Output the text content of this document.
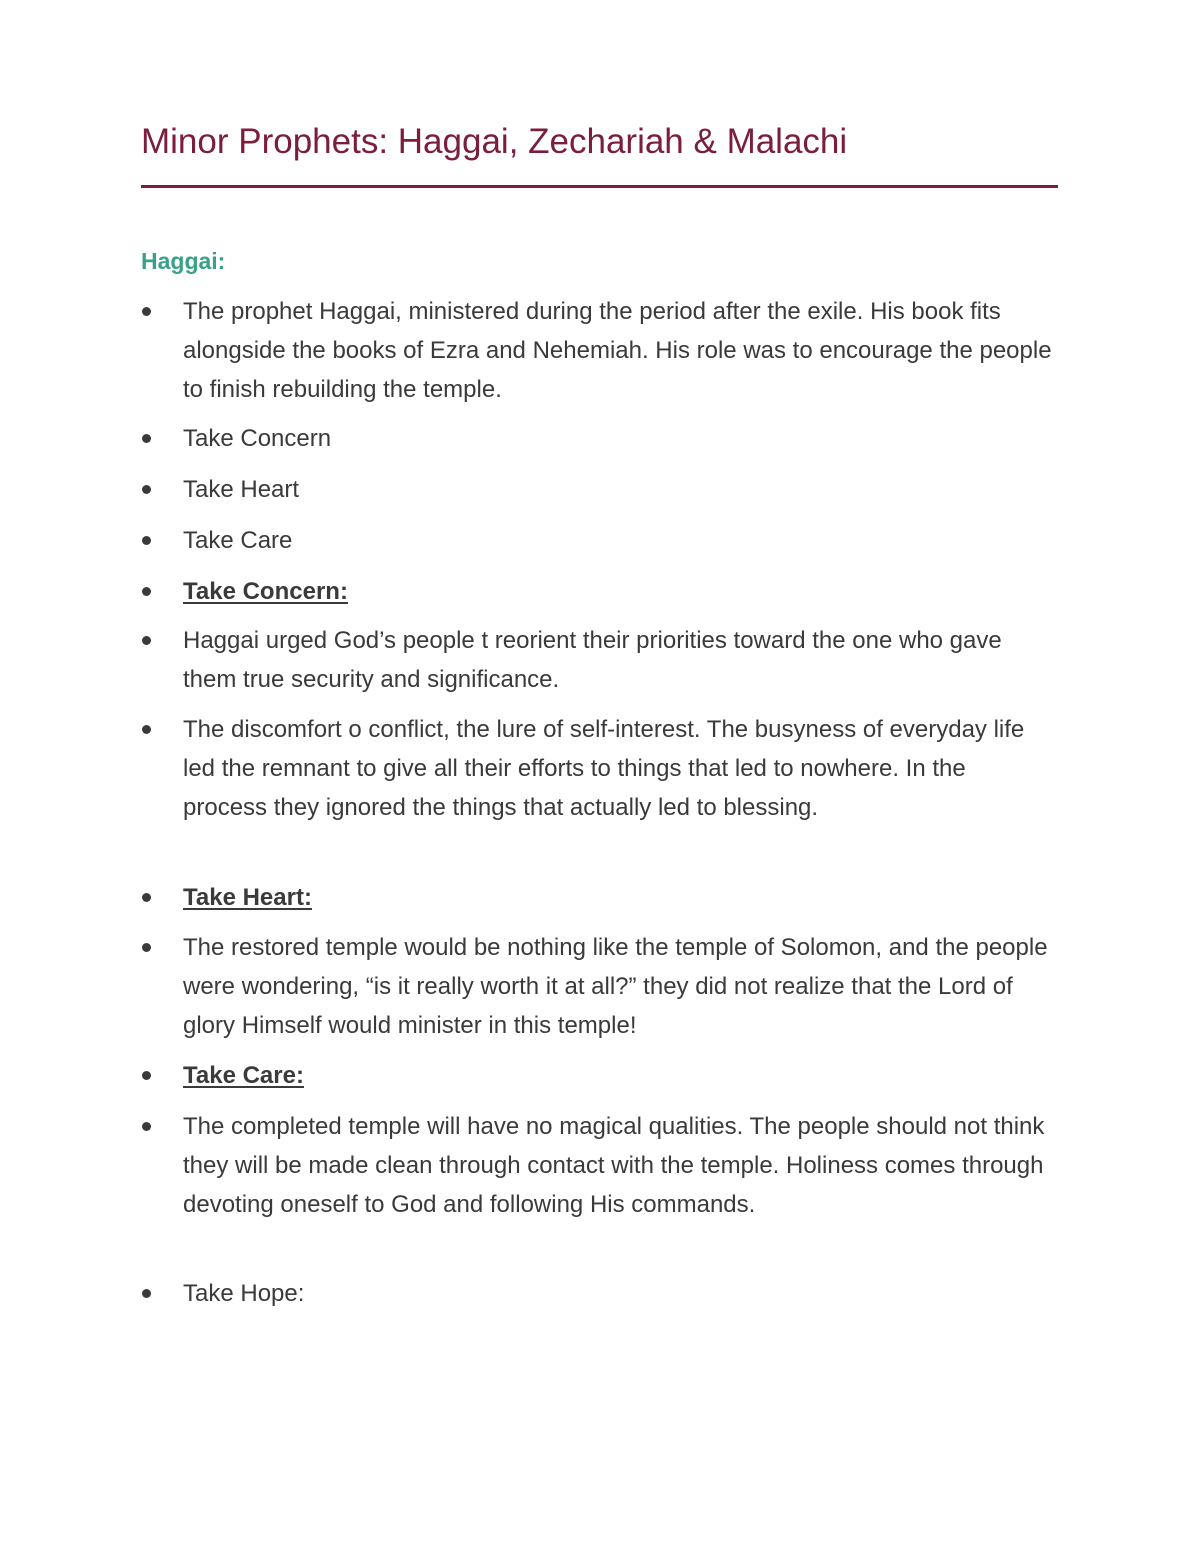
Minor Prophets: Haggai, Zechariah & Malachi
Haggai:
The prophet Haggai, ministered during the period after the exile. His book fits alongside the books of Ezra and Nehemiah. His role was to encourage the people to finish rebuilding the temple.
Take Concern
Take Heart
Take Care
Take Concern:
Haggai urged God’s people t reorient their priorities toward the one who gave them true security and significance.
The discomfort o conflict, the lure of self-interest. The busyness of everyday life led the remnant to give all their efforts to things that led to nowhere. In the process they ignored the things that actually led to blessing.
Take Heart:
The restored temple would be nothing like the temple of Solomon, and the people were wondering, “is it really worth it at all?” they did not realize that the Lord of glory Himself would minister in this temple!
Take Care:
The completed temple will have no magical qualities. The people should not think they will be made clean through contact with the temple. Holiness comes through devoting oneself to God and following His commands.
Take Hope:
